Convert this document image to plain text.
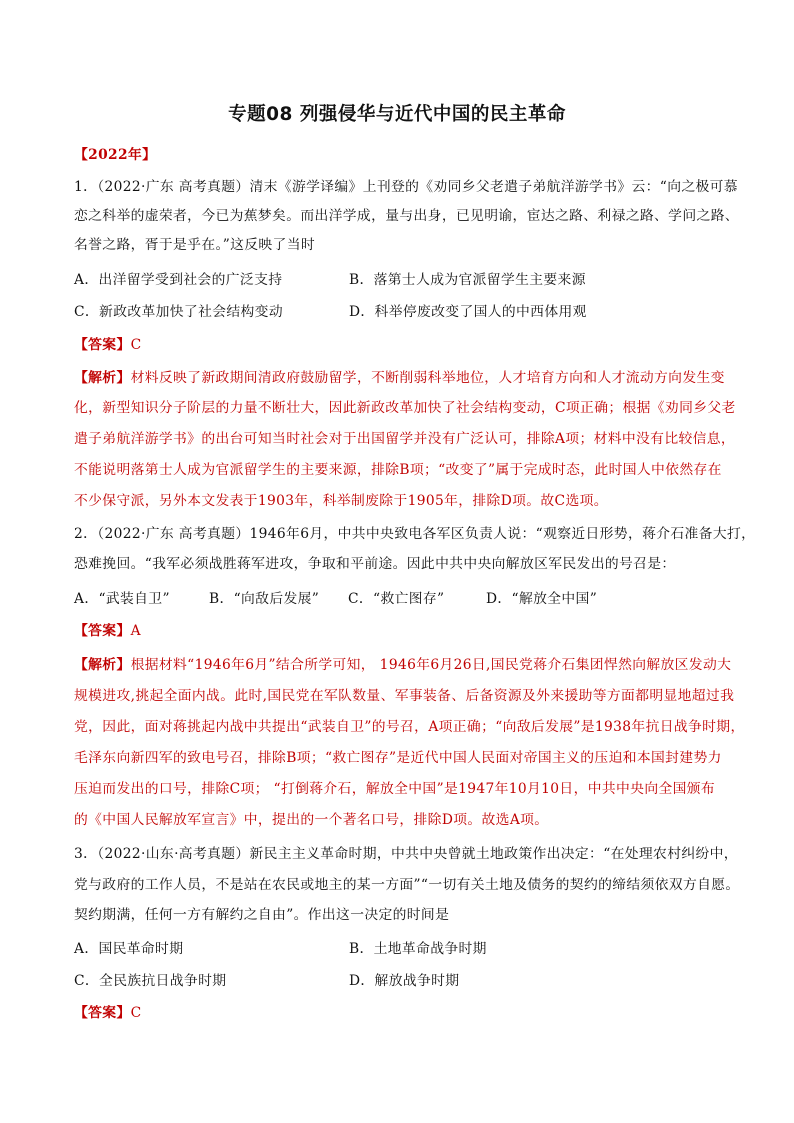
专题08 列强侵华与近代中国的民主革命
【2022年】
1．（2022·广东 高考真题）清末《游学译编》上刊登的《劝同乡父老遣子弟航洋游学书》云：“向之极可慕
恋之科举的虚荣者，今已为蕉梦矣。而出洋学成，量与出身，已见明谕，宦达之路、利禄之路、学问之路、
名誉之路，胥于是乎在。”这反映了当时
A．出洋留学受到社会的广泛支持	B．落第士人成为官派留学生主要来源
C．新政改革加快了社会结构变动	D．科举停废改变了国人的中西体用观
【答案】C
【解析】材料反映了新政期间清政府鼓励留学，不断削弱科举地位，人才培育方向和人才流动方向发生变
化，新型知识分子阶层的力量不断壮大，因此新政改革加快了社会结构变动，C项正确；根据《劝同乡父老
遣子弟航洋游学书》的出台可知当时社会对于出国留学并没有广泛认可，排除A项；材料中没有比较信息，
不能说明落第士人成为官派留学生的主要来源，排除B项；“改变了”属于完成时态，此时国人中依然存在
不少保守派，另外本文发表于1903年，科举制废除于1905年，排除D项。故C选项。
2．（2022·广东 高考真题）1946年6月，中共中央致电各军区负责人说：“观察近日形势，蒋介石准备大打，
恐难挽回。“我军必须战胜蒋军进攻，争取和平前途。因此中共中央向解放区军民发出的号召是：
A．“武装自卫”	B．“向敌后发展” C．“救亡图存”	D．“解放全中国”
【答案】A
【解析】根据材料“1946年6月”结合所学可知， 1946年6月26日,国民党蒋介石集团悍然向解放区发动大
规模进攻,挑起全面内战。此时,国民党在军队数量、军事装备、后备资源及外来援助等方面都明显地超过我
党，因此，面对蒋挑起内战中共提出“武装自卫”的号召，A项正确；“向敌后发展”是1938年抗日战争时期，
毛泽东向新四军的致电号召，排除B项；“救亡图存”是近代中国人民面对帝国主义的压迫和本国封建势力
压迫而发出的口号，排除C项； “打倒蒋介石，解放全中国”是1947年10月10日，中共中央向全国颁布
的《中国人民解放军宣言》中，提出的一个著名口号，排除D项。故选A项。
3．（2022·山东·高考真题）新民主主义革命时期，中共中央曾就土地政策作出决定：“在处理农村纠纷中，
党与政府的工作人员，不是站在农民或地主的某一方面”“一切有关土地及债务的契约的缔结须依双方自愿。
契约期满，任何一方有解约之自由”。作出这一决定的时间是
A．国民革命时期	B．土地革命战争时期
C．全民族抗日战争时期	D．解放战争时期
【答案】C
